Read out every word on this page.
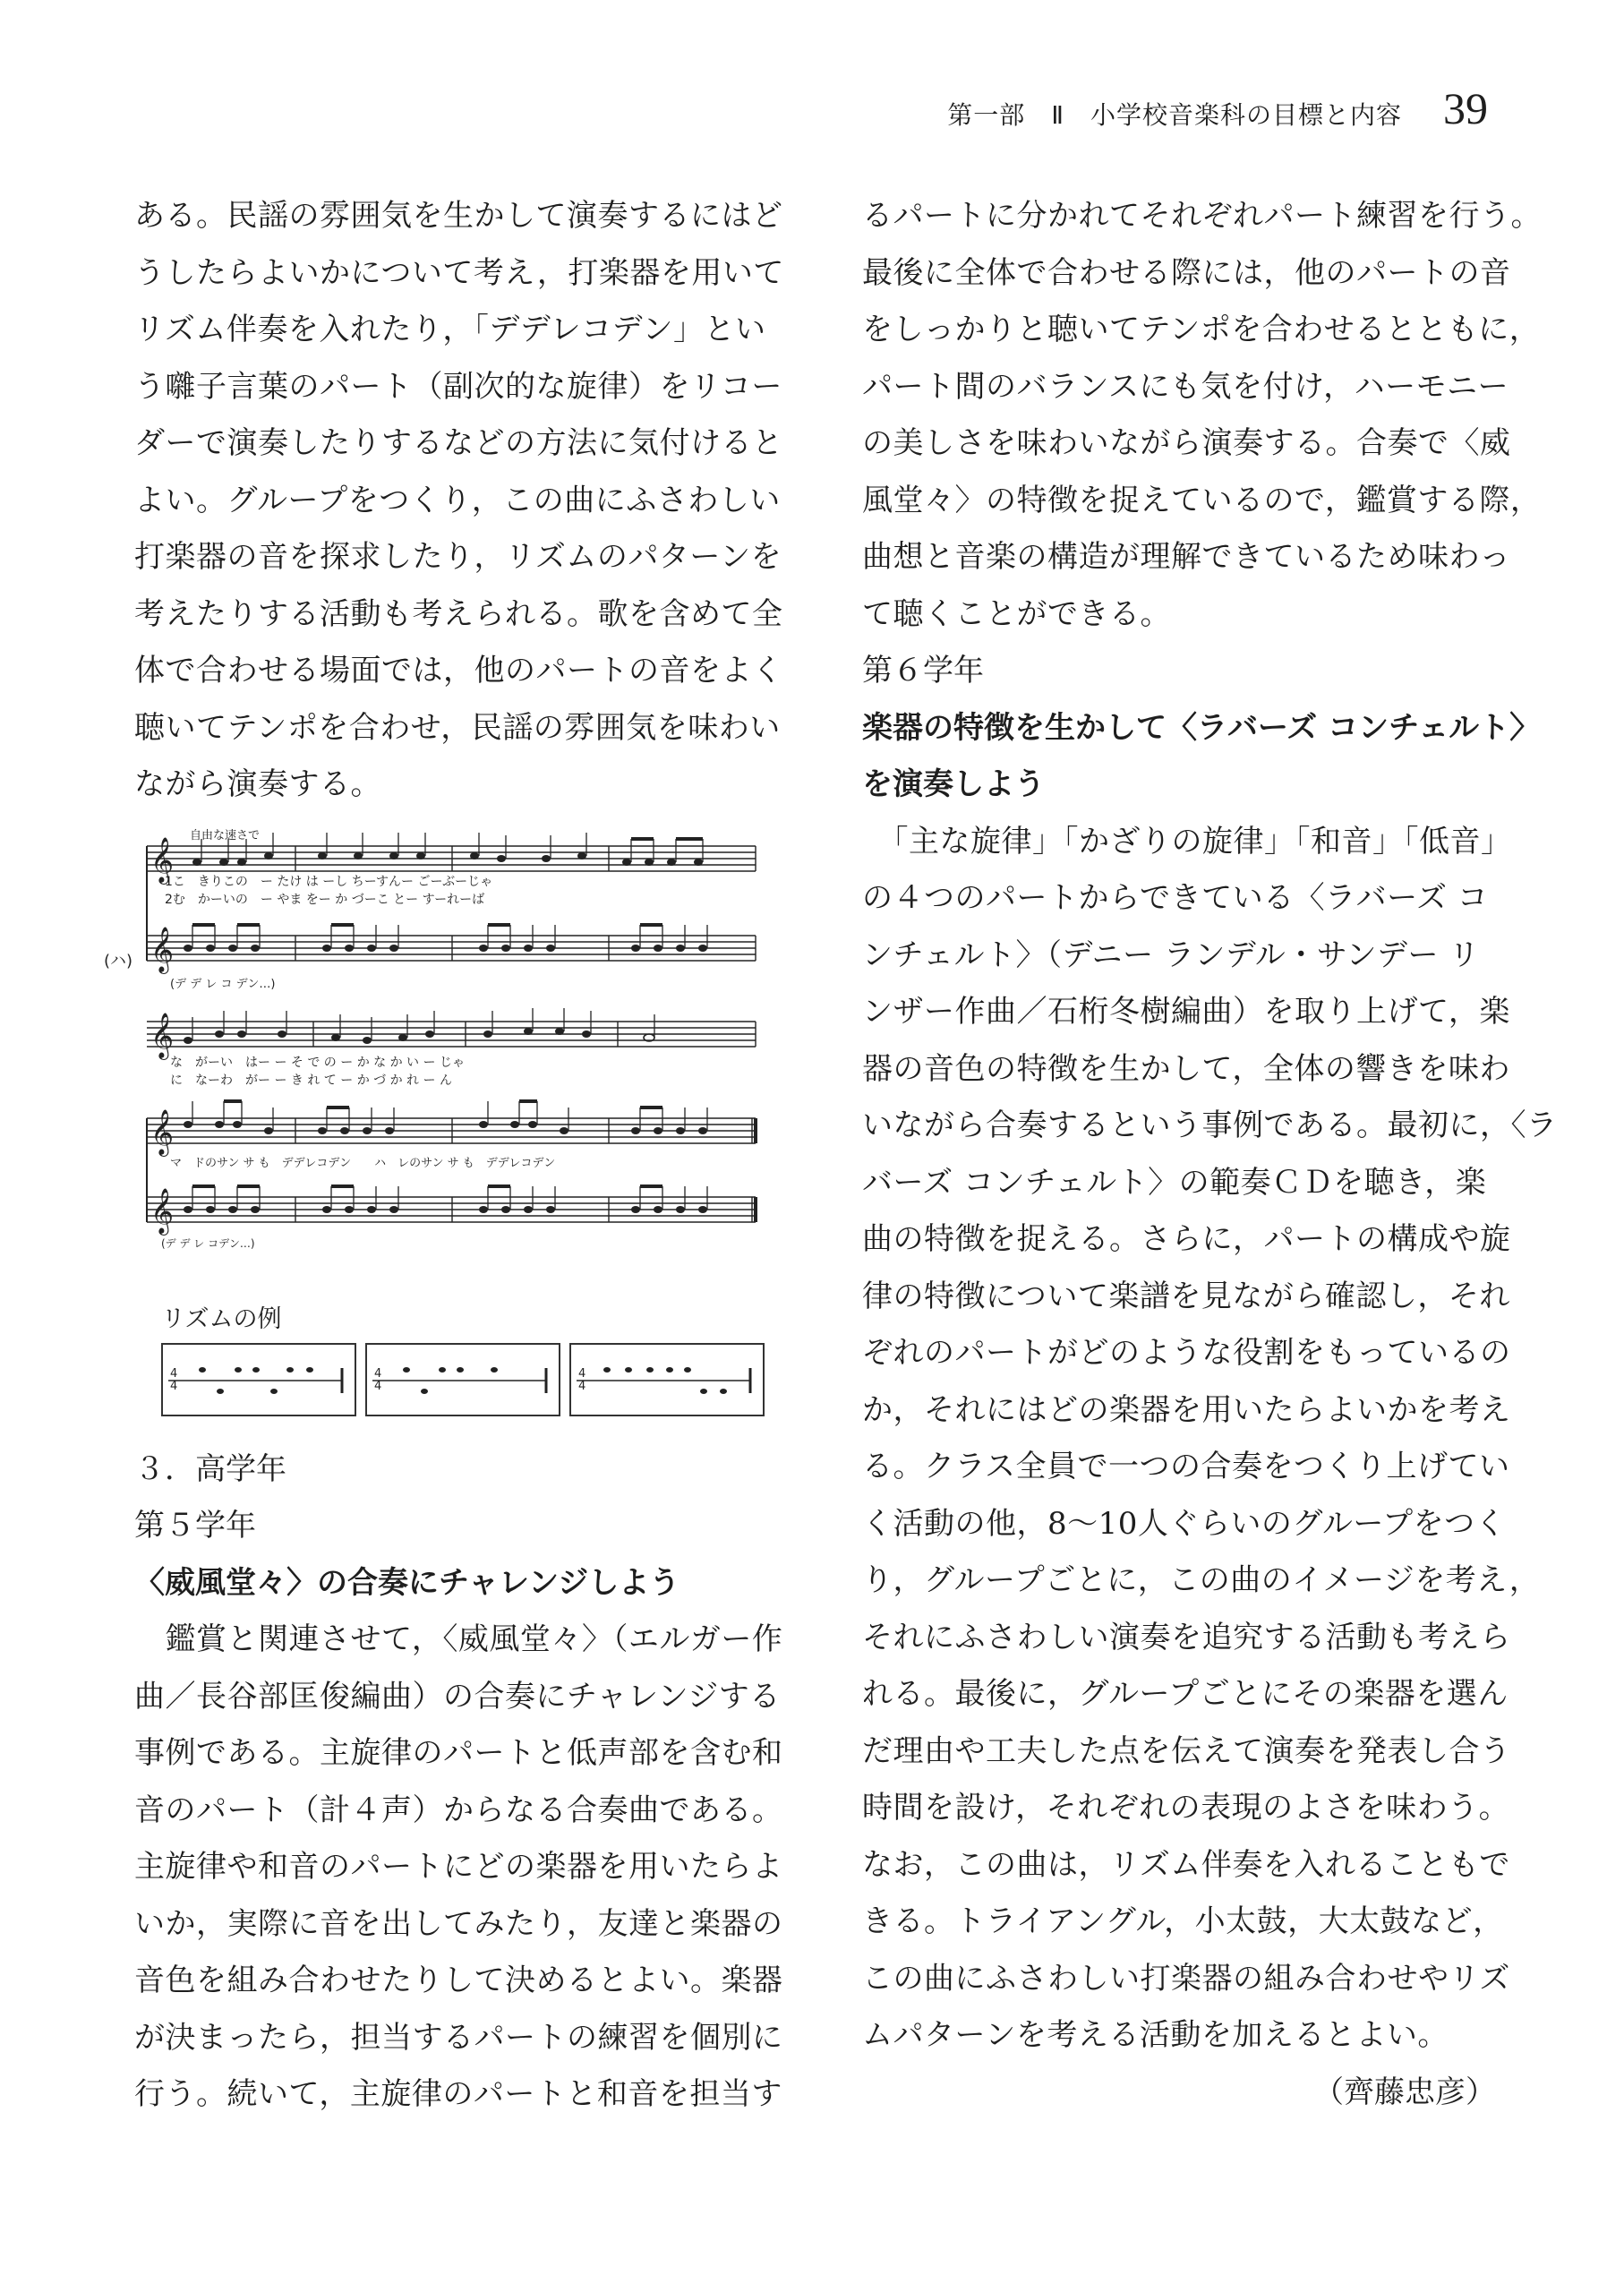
第一部　Ⅱ　小学校音楽科の目標と内容 39

ある。民謡の雰囲気を生かして演奏するにはど

うしたらよいかについて考え，打楽器を用いて

リズム伴奏を入れたり，「デデレコデン」とい

う囃子言葉のパート（副次的な旋律）をリコー

ダーで演奏したりするなどの方法に気付けると

よい。グループをつくり，この曲にふさわしい

打楽器の音を探求したり，リズムのパターンを

考えたりする活動も考えられる。歌を含めて全

体で合わせる場面では，他のパートの音をよく

聴いてテンポを合わせ，民謡の雰囲気を味わい

ながら演奏する。

自由な速さで
(ハ)
1こ　きりこの　ー たけ は ーし ちーすんー ごーぶーじゃ
2む　かーいの　ー やま をー か づーこ とー すーれーば
(デ デ レ コ デン…)
な　がーい　はー ー そ で の ー か な か い ー じゃ
に　なーわ　がー ー き れ て ー か づ か れ ー ん
マ　ドのサン サ も　デデレコデン　　ハ　レのサン サ も　デデレコデン
(デ デ レ コデン…)
𝄞
𝄞
𝄞
𝄞
𝄞
リズムの例
4
4
4
4
4
4

３．高学年

第５学年

〈威風堂々〉の合奏にチャレンジしよう

　鑑賞と関連させて，〈威風堂々〉（エルガー作

曲／長谷部匡俊編曲）の合奏にチャレンジする

事例である。主旋律のパートと低声部を含む和

音のパート（計４声）からなる合奏曲である。

主旋律や和音のパートにどの楽器を用いたらよ

いか，実際に音を出してみたり，友達と楽器の

音色を組み合わせたりして決めるとよい。楽器

が決まったら，担当するパートの練習を個別に

行う。続いて，主旋律のパートと和音を担当す

るパートに分かれてそれぞれパート練習を行う。

最後に全体で合わせる際には，他のパートの音

をしっかりと聴いてテンポを合わせるとともに，

パート間のバランスにも気を付け，ハーモニー

の美しさを味わいながら演奏する。合奏で〈威

風堂々〉の特徴を捉えているので，鑑賞する際，

曲想と音楽の構造が理解できているため味わっ

て聴くことができる。

第６学年

楽器の特徴を生かして〈ラバーズ コンチェルト〉

を演奏しよう

　「主な旋律」「かざりの旋律」「和音」「低音」

の４つのパートからできている〈ラバーズ コ

ンチェルト〉（デニー ランデル・サンデー リ

ンザー作曲／石桁冬樹編曲）を取り上げて，楽

器の音色の特徴を生かして，全体の響きを味わ

いながら合奏するという事例である。最初に，〈ラ

バーズ コンチェルト〉の範奏ＣＤを聴き，楽

曲の特徴を捉える。さらに，パートの構成や旋

律の特徴について楽譜を見ながら確認し，それ

ぞれのパートがどのような役割をもっているの

か，それにはどの楽器を用いたらよいかを考え

る。クラス全員で一つの合奏をつくり上げてい

く活動の他，8〜10人ぐらいのグループをつく

り，グループごとに，この曲のイメージを考え，

それにふさわしい演奏を追究する活動も考えら

れる。最後に，グループごとにその楽器を選ん

だ理由や工夫した点を伝えて演奏を発表し合う

時間を設け，それぞれの表現のよさを味わう。

なお，この曲は，リズム伴奏を入れることもで

きる。トライアングル，小太鼓，大太鼓など，

この曲にふさわしい打楽器の組み合わせやリズ

ムパターンを考える活動を加えるとよい。

（齊藤忠彦）
